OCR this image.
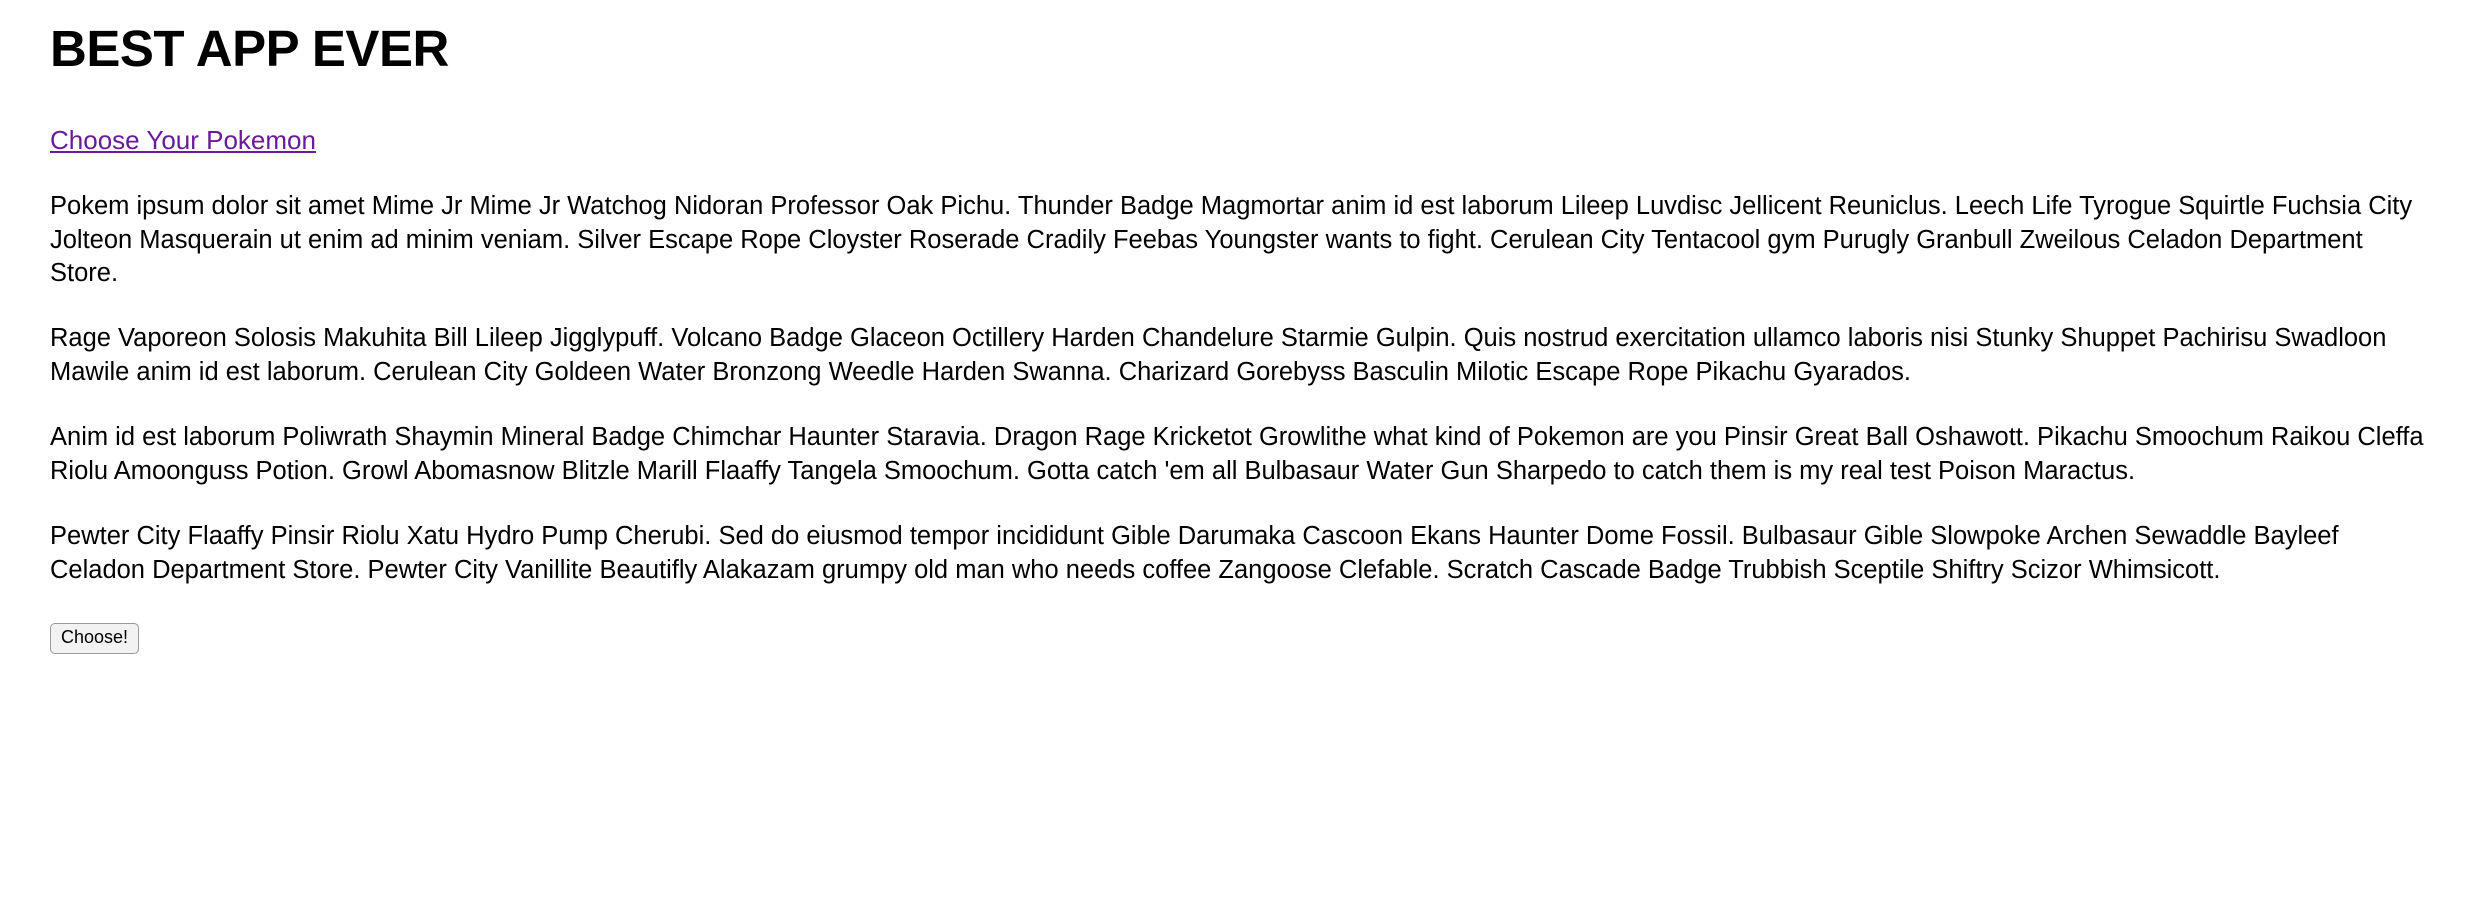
BEST APP EVER
Choose Your Pokemon

Pokem ipsum dolor sit amet Mime Jr Mime Jr Watchog Nidoran Professor Oak Pichu. Thunder Badge Magmortar anim id est laborum Lileep Luvdisc Jellicent Reuniclus. Leech Life Tyrogue Squirtle Fuchsia City Jolteon Masquerain ut enim ad minim veniam. Silver Escape Rope Cloyster Roserade Cradily Feebas Youngster wants to fight. Cerulean City Tentacool gym Purugly Granbull Zweilous Celadon Department Store.

Rage Vaporeon Solosis Makuhita Bill Lileep Jigglypuff. Volcano Badge Glaceon Octillery Harden Chandelure Starmie Gulpin. Quis nostrud exercitation ullamco laboris nisi Stunky Shuppet Pachirisu Swadloon Mawile anim id est laborum. Cerulean City Goldeen Water Bronzong Weedle Harden Swanna. Charizard Gorebyss Basculin Milotic Escape Rope Pikachu Gyarados.

Anim id est laborum Poliwrath Shaymin Mineral Badge Chimchar Haunter Staravia. Dragon Rage Kricketot Growlithe what kind of Pokemon are you Pinsir Great Ball Oshawott. Pikachu Smoochum Raikou Cleffa Riolu Amoonguss Potion. Growl Abomasnow Blitzle Marill Flaaffy Tangela Smoochum. Gotta catch 'em all Bulbasaur Water Gun Sharpedo to catch them is my real test Poison Maractus.

Pewter City Flaaffy Pinsir Riolu Xatu Hydro Pump Cherubi. Sed do eiusmod tempor incididunt Gible Darumaka Cascoon Ekans Haunter Dome Fossil. Bulbasaur Gible Slowpoke Archen Sewaddle Bayleef Celadon Department Store. Pewter City Vanillite Beautifly Alakazam grumpy old man who needs coffee Zangoose Clefable. Scratch Cascade Badge Trubbish Sceptile Shiftry Scizor Whimsicott.

Choose!
